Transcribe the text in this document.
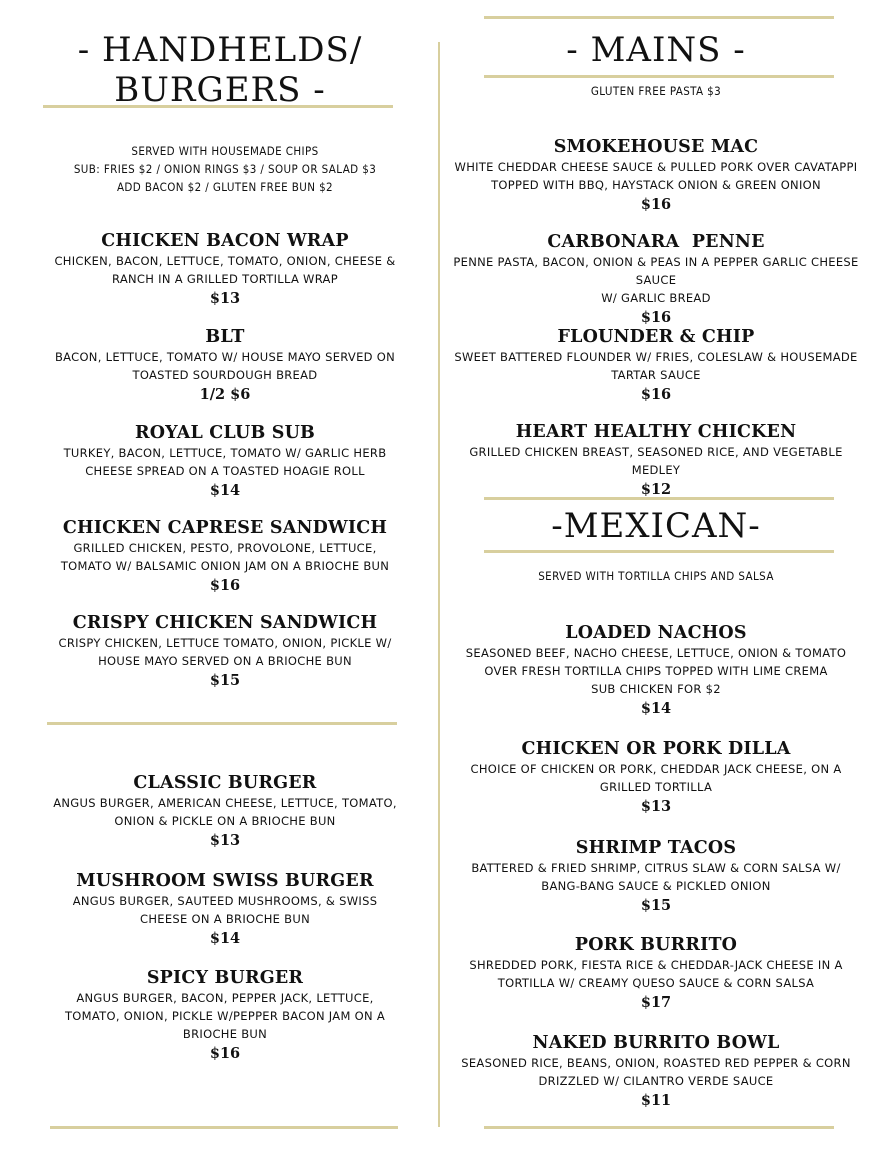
- HANDHELDS/
BURGERS -
SERVED WITH HOUSEMADE CHIPS
SUB: FRIES $2 / ONION RINGS $3 / SOUP OR SALAD $3
ADD BACON $2 / GLUTEN FREE BUN $2
CHICKEN BACON WRAP
CHICKEN, BACON, LETTUCE, TOMATO, ONION, CHEESE &
RANCH IN A GRILLED TORTILLA WRAP
$13
BLT
BACON, LETTUCE, TOMATO W/ HOUSE MAYO SERVED ON
TOASTED SOURDOUGH BREAD
1/2 $6
ROYAL CLUB SUB
TURKEY, BACON, LETTUCE, TOMATO W/ GARLIC HERB
CHEESE SPREAD ON A TOASTED HOAGIE ROLL
$14
CHICKEN CAPRESE SANDWICH
GRILLED CHICKEN, PESTO, PROVOLONE, LETTUCE,
TOMATO W/ BALSAMIC ONION JAM ON A BRIOCHE BUN
$16
CRISPY CHICKEN SANDWICH
CRISPY CHICKEN, LETTUCE TOMATO, ONION, PICKLE W/
HOUSE MAYO SERVED ON A BRIOCHE BUN
$15
CLASSIC BURGER
ANGUS BURGER, AMERICAN CHEESE, LETTUCE, TOMATO,
ONION & PICKLE ON A BRIOCHE BUN
$13
MUSHROOM SWISS BURGER
ANGUS BURGER, SAUTEED MUSHROOMS, & SWISS
CHEESE ON A BRIOCHE BUN
$14
SPICY BURGER
ANGUS BURGER, BACON, PEPPER JACK, LETTUCE,
TOMATO, ONION, PICKLE W/PEPPER BACON JAM ON A
BRIOCHE BUN
$16
- MAINS -
GLUTEN FREE PASTA $3
SMOKEHOUSE MAC
WHITE CHEDDAR CHEESE SAUCE & PULLED PORK OVER CAVATAPPI
TOPPED WITH BBQ, HAYSTACK ONION & GREEN ONION
$16
CARBONARA  PENNE
PENNE PASTA, BACON, ONION & PEAS IN A PEPPER GARLIC CHEESE SAUCE
W/ GARLIC BREAD
$16
FLOUNDER & CHIP
SWEET BATTERED FLOUNDER W/ FRIES, COLESLAW & HOUSEMADE
TARTAR SAUCE
$16
HEART HEALTHY CHICKEN
GRILLED CHICKEN BREAST, SEASONED RICE, AND VEGETABLE MEDLEY
$12
-MEXICAN-
SERVED WITH TORTILLA CHIPS AND SALSA
LOADED NACHOS
SEASONED BEEF, NACHO CHEESE, LETTUCE, ONION & TOMATO
OVER FRESH TORTILLA CHIPS TOPPED WITH LIME CREMA
SUB CHICKEN FOR $2
$14
CHICKEN OR PORK DILLA
CHOICE OF CHICKEN OR PORK, CHEDDAR JACK CHEESE, ON A
GRILLED TORTILLA
$13
SHRIMP TACOS
BATTERED & FRIED SHRIMP, CITRUS SLAW & CORN SALSA W/
BANG-BANG SAUCE & PICKLED ONION
$15
PORK BURRITO
SHREDDED PORK, FIESTA RICE & CHEDDAR-JACK CHEESE IN A
TORTILLA W/ CREAMY QUESO SAUCE & CORN SALSA
$17
NAKED BURRITO BOWL
SEASONED RICE, BEANS, ONION, ROASTED RED PEPPER & CORN
DRIZZLED W/ CILANTRO VERDE SAUCE
$11
